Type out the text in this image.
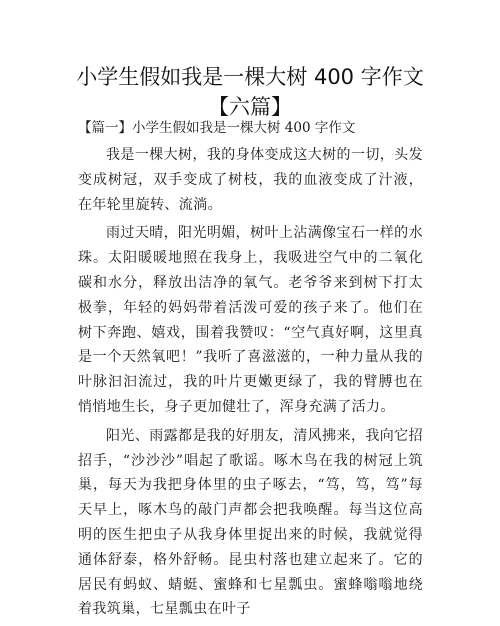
小学生假如我是一棵大树 400 字作文【六篇】

【篇一】小学生假如我是一棵大树 400 字作文

我是一棵大树，我的身体变成这大树的一切，头发变成树冠，双手变成了树枝，我的血液变成了汁液，在年轮里旋转、流淌。

雨过天晴，阳光明媚，树叶上沾满像宝石一样的水珠。太阳暖暖地照在我身上，我吸进空气中的二氧化碳和水分，释放出洁净的氧气。老爷爷来到树下打太极拳，年轻的妈妈带着活泼可爱的孩子来了。他们在树下奔跑、嬉戏，围着我赞叹：“空气真好啊，这里真是一个天然氧吧！”我听了喜滋滋的，一种力量从我的叶脉汩汩流过，我的叶片更嫩更绿了，我的臂膊也在悄悄地生长，身子更加健壮了，浑身充满了活力。

阳光、雨露都是我的好朋友，清风拂来，我向它招招手，“沙沙沙”唱起了歌谣。啄木鸟在我的树冠上筑巢，每天为我把身体里的虫子啄去，“笃，笃，笃”每天早上，啄木鸟的敲门声都会把我唤醒。每当这位高明的医生把虫子从我身体里捉出来的时候，我就觉得通体舒泰，格外舒畅。昆虫村落也建立起来了。它的居民有蚂蚁、蜻蜓、蜜蜂和七星瓢虫。蜜蜂嗡嗡地绕着我筑巢，七星瓢虫在叶子
